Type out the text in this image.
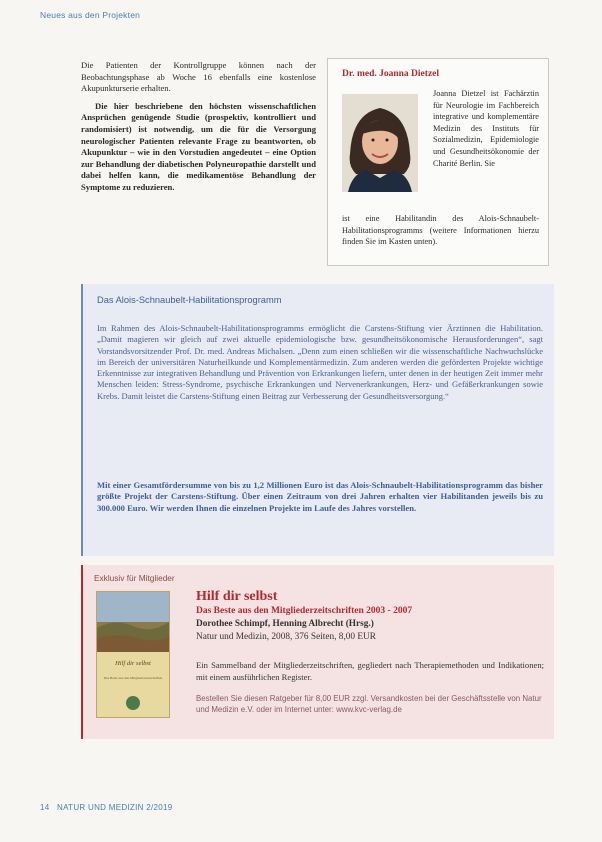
Neues aus den Projekten

Die Patienten der Kontrollgruppe können nach der Beobachtungsphase ab Woche 16 ebenfalls eine kostenlose Akupunkturserie erhalten.

Die hier beschriebene den höchsten wissenschaftlichen Ansprüchen genügende Studie (prospektiv, kontrolliert und randomisiert) ist notwendig, um die für die Versorgung neurologischer Patienten relevante Frage zu beantworten, ob Akupunktur – wie in den Vorstudien angedeutet – eine Option zur Behandlung der diabetischen Polyneuropathie darstellt und dabei helfen kann, die medikamentöse Behandlung der Symptome zu reduzieren.

Dr. med. Joanna Dietzel
Joanna Dietzel ist Fachärztin für Neurologie im Fachbereich integrative und komplementäre Medizin des Instituts für Sozialmedizin, Epidemiologie und Gesundheitsökonomie der Charité Berlin. Sie
ist eine Habilitandin des Alois-Schnaubelt-Habilitationsprogramms (weitere Informationen hierzu finden Sie im Kasten unten).
Das Alois-Schnaubelt-Habilitationsprogramm
Im Rahmen des Alois-Schnaubelt-Habilitationsprogramms ermöglicht die Carstens-Stiftung vier Ärztinnen die Habilitation. „Damit magieren wir gleich auf zwei aktuelle epidemiologische bzw. gesundheitsökonomische Herausforderungen“, sagt Vorstandsvorsitzender Prof. Dr. med. Andreas Michalsen. „Denn zum einen schließen wir die wissenschaftliche Nachwuchslücke im Bereich der universitären Naturheilkunde und Komplementärmedizin. Zum anderen werden die geförderten Projekte wichtige Erkenntnisse zur integrativen Behandlung und Prävention von Erkrankungen liefern, unter denen in der heutigen Zeit immer mehr Menschen leiden: Stress-Syndrome, psychische Erkrankungen und Nervenerkrankungen, Herz- und Gefäßerkrankungen sowie Krebs. Damit leistet die Carstens-Stiftung einen Beitrag zur Verbesserung der Gesundheitsversorgung.“
Mit einer Gesamtfördersumme von bis zu 1,2 Millionen Euro ist das Alois-Schnaubelt-Habilitationsprogramm das bisher größte Projekt der Carstens-Stiftung. Über einen Zeitraum von drei Jahren erhalten vier Habilitanden jeweils bis zu 300.000 Euro. Wir werden Ihnen die einzelnen Projekte im Laufe des Jahres vorstellen.
Exklusiv für Mitglieder
Hilf dir selbst
Das Beste aus den Mitgliederzeitschriften
Hilf dir selbst
Das Beste aus den Mitgliederzeitschriften 2003 - 2007
Dorothee Schimpf, Henning Albrecht (Hrsg.)
Natur und Medizin, 2008, 376 Seiten, 8,00 EUR
Ein Sammelband der Mitgliederzeitschriften, gegliedert nach Therapiemethoden und Indikationen; mit einem ausführlichen Register.
Bestellen Sie diesen Ratgeber für 8,00 EUR zzgl. Versandkosten bei der Geschäftsstelle von Natur und Medizin e.V. oder im Internet unter: www.kvc-verlag.de
14 NATUR UND MEDIZIN 2/2019
